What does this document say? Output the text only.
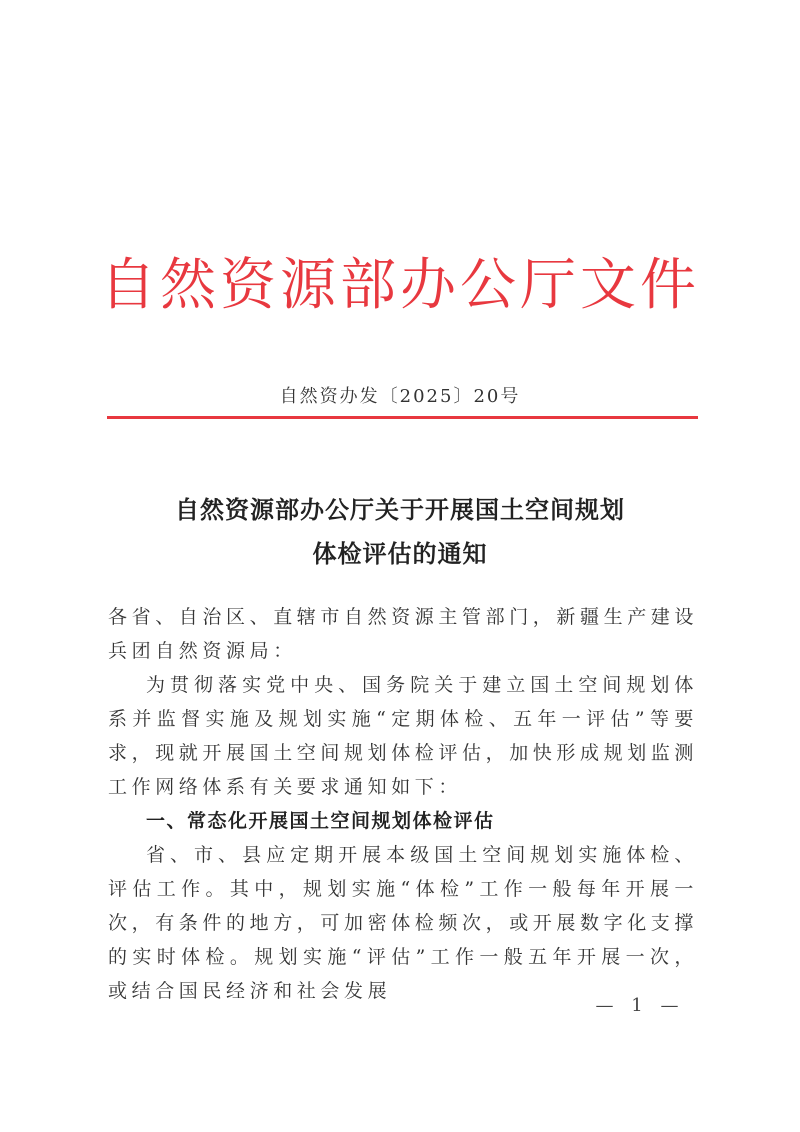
自然资源部办公厅文件
自然资办发〔2025〕20号
自然资源部办公厅关于开展国土空间规划
体检评估的通知

各省、自治区、直辖市自然资源主管部门，新疆生产建设兵团自然资源局：

为贯彻落实党中央、国务院关于建立国土空间规划体系并监督实施及规划实施“定期体检、五年一评估”等要求，现就开展国土空间规划体检评估，加快形成规划监测工作网络体系有关要求通知如下：

一、常态化开展国土空间规划体检评估

省、市、县应定期开展本级国土空间规划实施体检、评估工作。其中，规划实施“体检”工作一般每年开展一次，有条件的地方，可加密体检频次，或开展数字化支撑的实时体检。规划实施“评估”工作一般五年开展一次，或结合国民经济和社会发展

— 1 —
